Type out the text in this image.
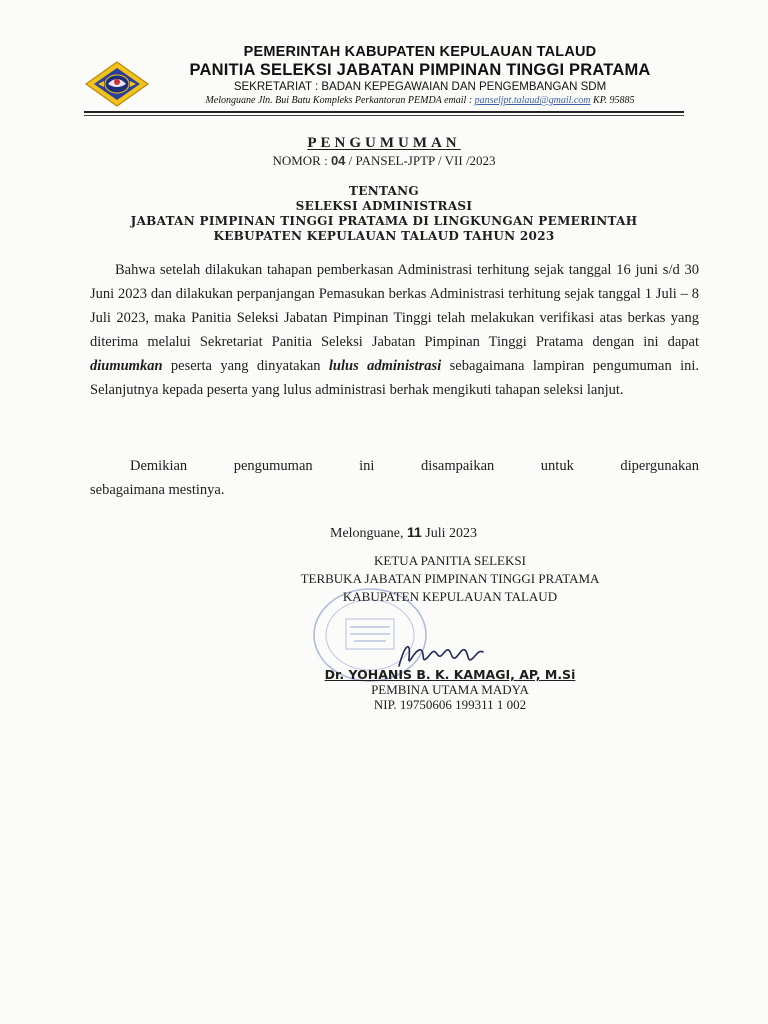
PEMERINTAH KABUPATEN KEPULAUAN TALAUD
PANITIA SELEKSI JABATAN PIMPINAN TINGGI PRATAMA
SEKRETARIAT : BADAN KEPEGAWAIAN DAN PENGEMBANGAN SDM
Melonguane Jln. Bui Batu Kompleks Perkantoran PEMDA email : panseljpt.talaud@gmail.com KP. 95885
PENGUMUMAN
NOMOR : 04 / PANSEL-JPTP / VII /2023
TENTANG
SELEKSI ADMINISTRASI
JABATAN PIMPINAN TINGGI PRATAMA DI LINGKUNGAN PEMERINTAH
KEBUPATEN KEPULAUAN TALAUD TAHUN 2023

Bahwa setelah dilakukan tahapan pemberkasan Administrasi terhitung sejak tanggal 16 juni s/d 30 Juni 2023 dan dilakukan perpanjangan Pemasukan berkas Administrasi terhitung sejak tanggal 1 Juli – 8 Juli 2023, maka Panitia Seleksi Jabatan Pimpinan Tinggi telah melakukan verifikasi atas berkas yang diterima melalui Sekretariat Panitia Seleksi Jabatan Pimpinan Tinggi Pratama dengan ini dapat diumumkan peserta yang dinyatakan lulus administrasi sebagaimana lampiran pengumuman ini. Selanjutnya kepada peserta yang lulus administrasi berhak mengikuti tahapan seleksi lanjut.

Demikian	pengumuman	ini	disampaikan	untuk	dipergunakan
sebagaimana mestinya.
Melonguane, 11 Juli 2023
KETUA PANITIA SELEKSI
TERBUKA JABATAN PIMPINAN TINGGI PRATAMA
KABUPATEN KEPULAUAN TALAUD
Dr. YOHANIS B. K. KAMAGI, AP, M.Si
PEMBINA UTAMA MADYA
NIP. 19750606 199311 1 002
